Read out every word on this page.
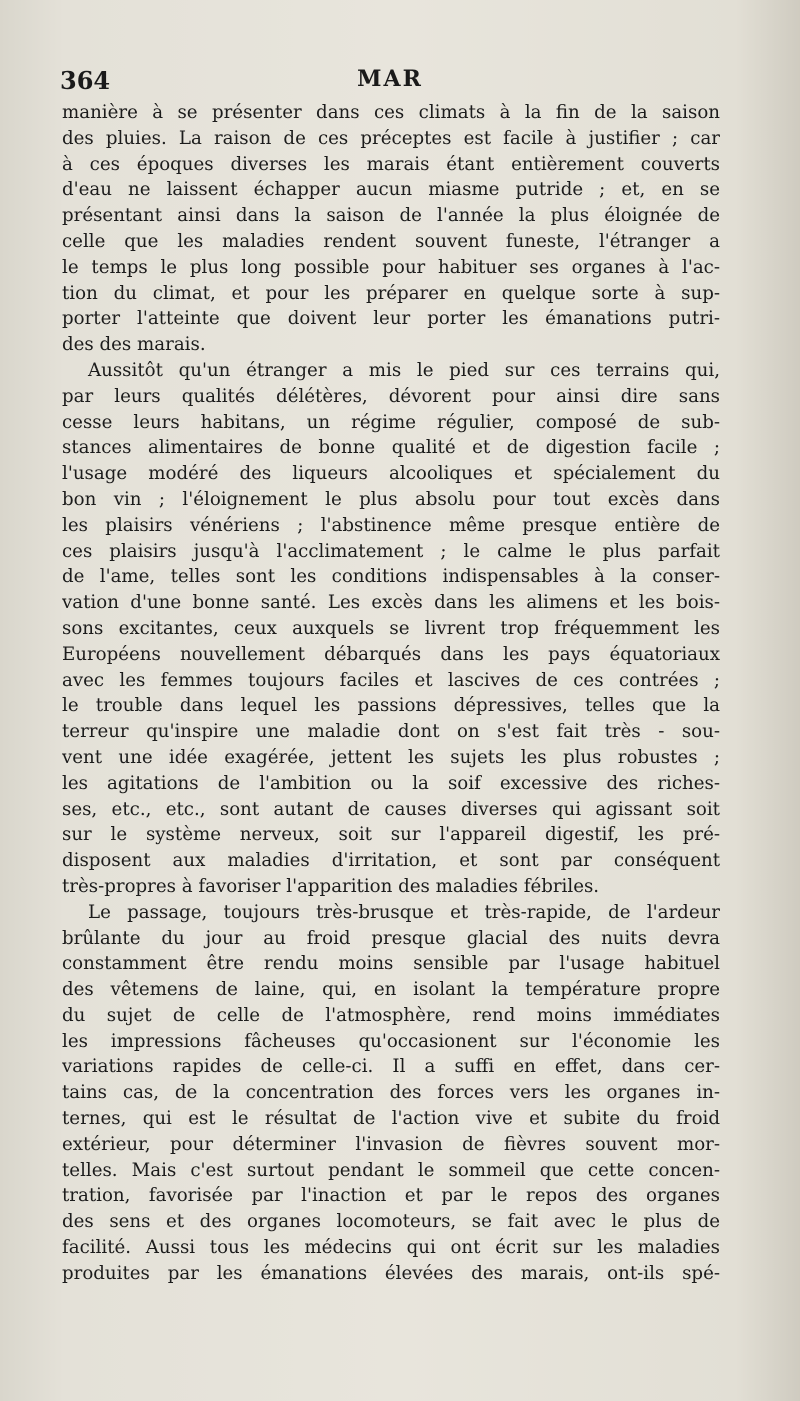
364	MAR
manière à se présenter dans ces climats à la fin de la saison
des pluies. La raison de ces préceptes est facile à justifier ; car
à ces époques diverses les marais étant entièrement couverts
d'eau ne laissent échapper aucun miasme putride ; et, en se
présentant ainsi dans la saison de l'année la plus éloignée de
celle que les maladies rendent souvent funeste, l'étranger a
le temps le plus long possible pour habituer ses organes à l'ac-
tion du climat, et pour les préparer en quelque sorte à sup-
porter l'atteinte que doivent leur porter les émanations putri-
des des marais.
Aussitôt qu'un étranger a mis le pied sur ces terrains qui,
par leurs qualités délétères, dévorent pour ainsi dire sans
cesse leurs habitans, un régime régulier, composé de sub-
stances alimentaires de bonne qualité et de digestion facile ;
l'usage modéré des liqueurs alcooliques et spécialement du
bon vin ; l'éloignement le plus absolu pour tout excès dans
les plaisirs vénériens ; l'abstinence même presque entière de
ces plaisirs jusqu'à l'acclimatement ; le calme le plus parfait
de l'ame, telles sont les conditions indispensables à la conser-
vation d'une bonne santé. Les excès dans les alimens et les bois-
sons excitantes, ceux auxquels se livrent trop fréquemment les
Européens nouvellement débarqués dans les pays équatoriaux
avec les femmes toujours faciles et lascives de ces contrées ;
le trouble dans lequel les passions dépressives, telles que la
terreur qu'inspire une maladie dont on s'est fait très - sou-
vent une idée exagérée, jettent les sujets les plus robustes ;
les agitations de l'ambition ou la soif excessive des riches-
ses, etc., etc., sont autant de causes diverses qui agissant soit
sur le système nerveux, soit sur l'appareil digestif, les pré-
disposent aux maladies d'irritation, et sont par conséquent
très-propres à favoriser l'apparition des maladies fébriles.
Le passage, toujours très-brusque et très-rapide, de l'ardeur
brûlante du jour au froid presque glacial des nuits devra
constamment être rendu moins sensible par l'usage habituel
des vêtemens de laine, qui, en isolant la température propre
du sujet de celle de l'atmosphère, rend moins immédiates
les impressions fâcheuses qu'occasionent sur l'économie les
variations rapides de celle-ci. Il a suffi en effet, dans cer-
tains cas, de la concentration des forces vers les organes in-
ternes, qui est le résultat de l'action vive et subite du froid
extérieur, pour déterminer l'invasion de fièvres souvent mor-
telles. Mais c'est surtout pendant le sommeil que cette concen-
tration, favorisée par l'inaction et par le repos des organes
des sens et des organes locomoteurs, se fait avec le plus de
facilité. Aussi tous les médecins qui ont écrit sur les maladies
produites par les émanations élevées des marais, ont-ils spé-
